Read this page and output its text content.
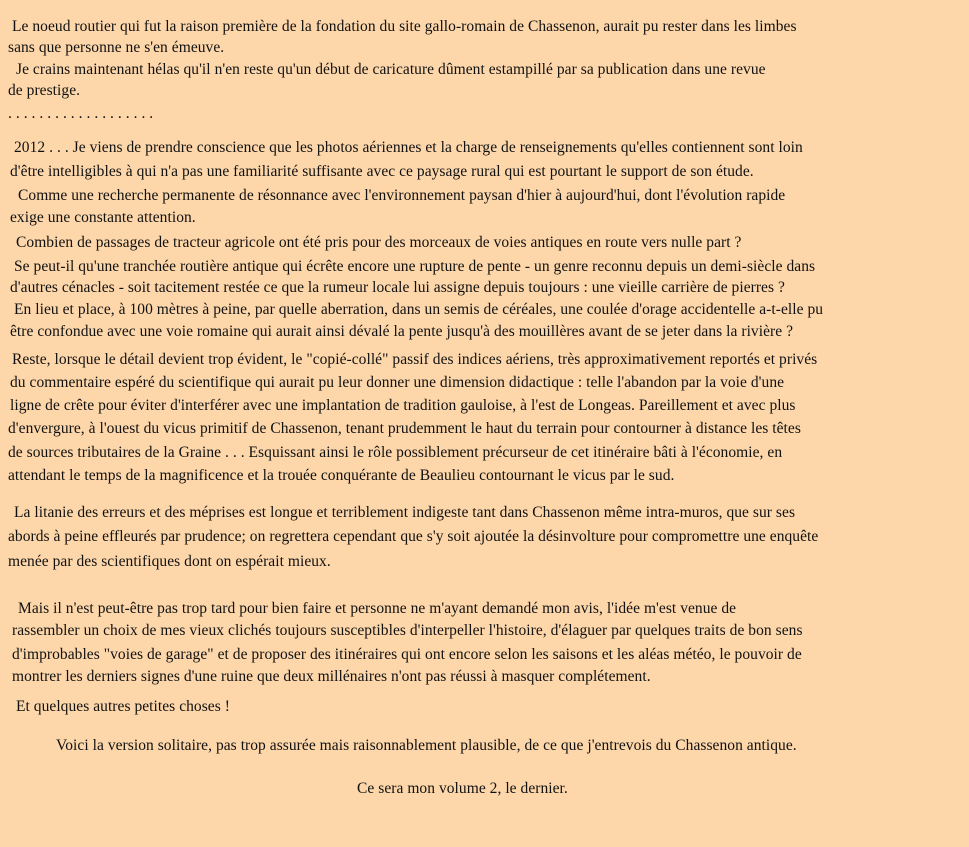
Le noeud routier qui fut la raison première de la fondation du site gallo-romain de Chassenon, aurait pu rester dans les limbes
sans que personne ne s'en émeuve.
Je crains maintenant hélas qu'il n'en reste qu'un début de caricature dûment estampillé par sa publication dans une revue
de prestige.
. . . . . . . . . . . . . . . . . . .
2012 . . . Je viens de prendre conscience que les photos aériennes et la charge de renseignements qu'elles contiennent sont loin
d'être intelligibles à qui n'a pas une familiarité suffisante avec ce paysage rural qui est pourtant le support de son étude.
Comme une recherche permanente de résonnance avec l'environnement paysan d'hier à aujourd'hui, dont l'évolution rapide
exige une constante attention.
Combien de passages de tracteur agricole ont été pris pour des morceaux de voies antiques en route vers nulle part ?
Se peut-il qu'une tranchée routière antique qui écrête encore une rupture de pente - un genre reconnu depuis un demi-siècle dans
d'autres cénacles - soit tacitement restée ce que la rumeur locale lui assigne depuis toujours : une vieille carrière de pierres ?
En lieu et place, à 100 mètres à peine, par quelle aberration, dans un semis de céréales, une coulée d'orage accidentelle a-t-elle pu
être confondue avec une voie romaine qui aurait ainsi dévalé la pente jusqu'à des mouillères avant de se jeter dans la rivière ?
Reste, lorsque le détail devient trop évident, le "copié-collé" passif des indices aériens, très approximativement reportés et privés
du commentaire espéré du scientifique qui aurait pu leur donner une dimension didactique : telle l'abandon par la voie d'une
ligne de crête pour éviter d'interférer avec une implantation de tradition gauloise, à l'est de Longeas. Pareillement et avec plus
d'envergure, à l'ouest du vicus primitif de Chassenon, tenant prudemment le haut du terrain pour contourner à distance les têtes
de sources tributaires de la Graine . . . Esquissant ainsi le rôle possiblement précurseur de cet itinéraire bâti à l'économie, en
attendant le temps de la magnificence et la trouée conquérante de Beaulieu contournant le vicus par le sud.
La litanie des erreurs et des méprises est longue et terriblement indigeste tant dans Chassenon même intra-muros, que sur ses
abords à peine effleurés par prudence; on regrettera cependant que s'y soit ajoutée la désinvolture pour compromettre une enquête
menée par des scientifiques dont on espérait mieux.
Mais il n'est peut-être pas trop tard pour bien faire et personne ne m'ayant demandé mon avis, l'idée m'est venue de
rassembler un choix de mes vieux clichés toujours susceptibles d'interpeller l'histoire, d'élaguer par quelques traits de bon sens
d'improbables "voies de garage" et de proposer des itinéraires qui ont encore selon les saisons et les aléas météo, le pouvoir de
montrer les derniers signes d'une ruine que deux millénaires n'ont pas réussi à masquer complétement.
Et quelques autres petites choses !
Voici la version solitaire, pas trop assurée mais raisonnablement plausible, de ce que j'entrevois du Chassenon antique.
Ce sera mon volume 2, le dernier.
